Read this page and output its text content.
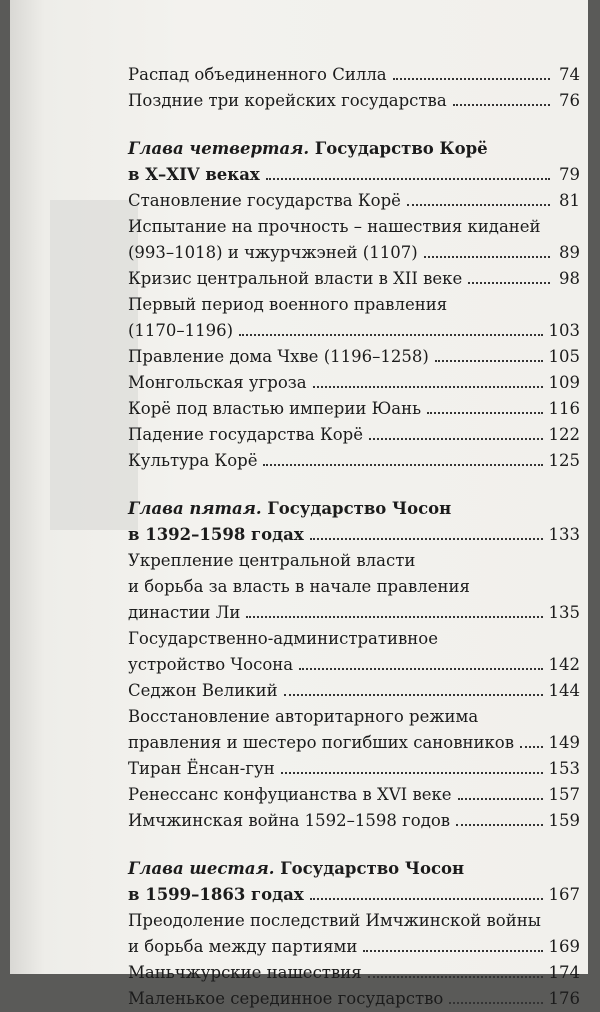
Распад объединенного Силла	74
Поздние три корейских государства	76
Глава четвертая. Государство Корё
в X–XIV веках	79
Становление государства Корё	81
Испытание на прочность – нашествия киданей
(993–1018) и чжурчжэней (1107)	89
Кризис центральной власти в XII веке	98
Первый период военного правления
(1170–1196)	103
Правление дома Чхве (1196–1258)	105
Монгольская угроза	109
Корё под властью империи Юань	116
Падение государства Корё	122
Культура Корё	125
Глава пятая. Государство Чосон
в 1392–1598 годах	133
Укрепление центральной власти
и борьба за власть в начале правления
династии Ли	135
Государственно-административное
устройство Чосона	142
Седжон Великий	144
Восстановление авторитарного режима
правления и шестеро погибших сановников 149
Тиран Ёнсан-гун	153
Ренессанс конфуцианства в XVI веке	157
Имчжинская война 1592–1598 годов	159
Глава шестая. Государство Чосон
в 1599–1863 годах	167
Преодоление последствий Имчжинской войны
и борьба между партиями	169
Маньчжурские нашествия	174
Маленькое серединное государство	176
